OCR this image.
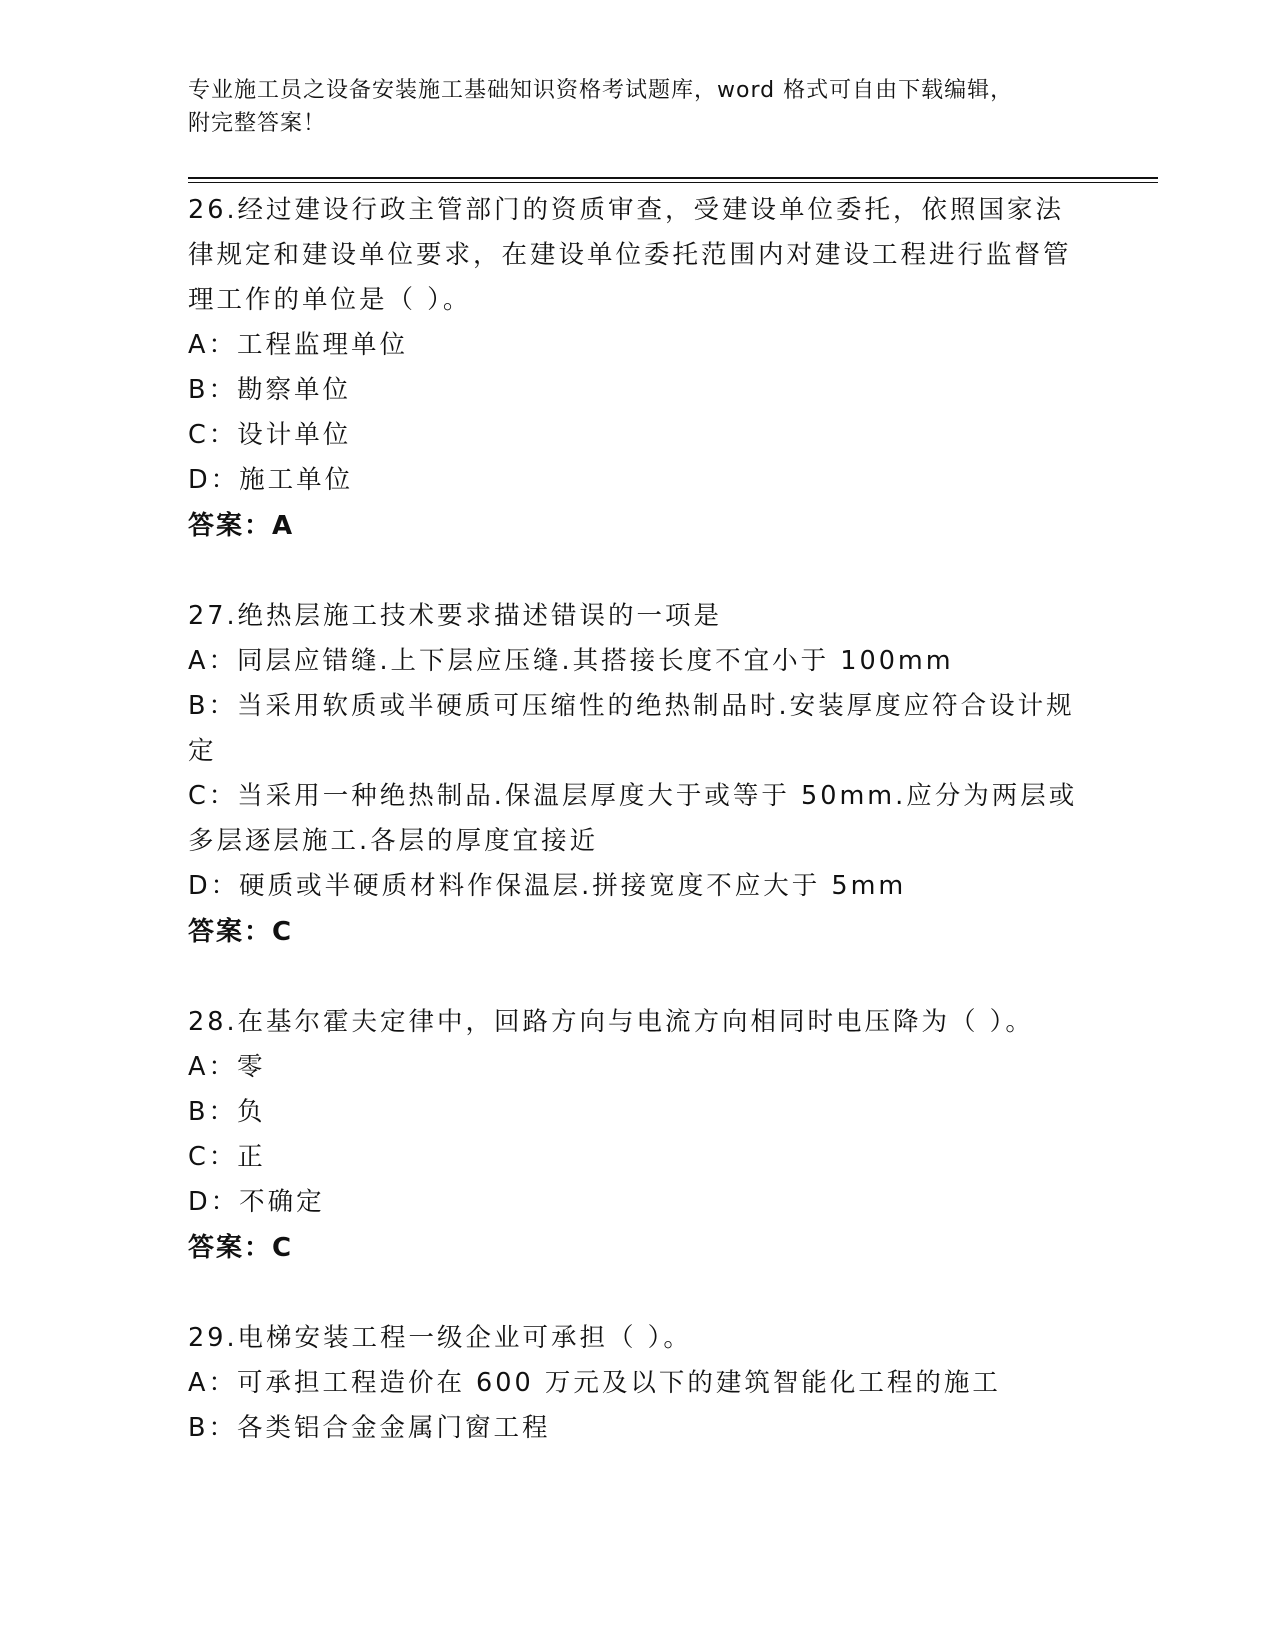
专业施工员之设备安装施工基础知识资格考试题库，word 格式可自由下载编辑，
附完整答案！

26.经过建设行政主管部门的资质审查，受建设单位委托，依照国家法律规定和建设单位要求，在建设单位委托范围内对建设工程进行监督管理工作的单位是（ ）。

A：工程监理单位

B：勘察单位

C：设计单位

D：施工单位

答案：A

27.绝热层施工技术要求描述错误的一项是

A：同层应错缝.上下层应压缝.其搭接长度不宜小于 100mm

B：当采用软质或半硬质可压缩性的绝热制品时.安装厚度应符合设计规定

C：当采用一种绝热制品.保温层厚度大于或等于 50mm.应分为两层或多层逐层施工.各层的厚度宜接近

D：硬质或半硬质材料作保温层.拼接宽度不应大于 5mm

答案：C

28.在基尔霍夫定律中，回路方向与电流方向相同时电压降为（ ）。

A：零

B：负

C：正

D：不确定

答案：C

29.电梯安装工程一级企业可承担（ ）。

A：可承担工程造价在 600 万元及以下的建筑智能化工程的施工

B：各类铝合金金属门窗工程
